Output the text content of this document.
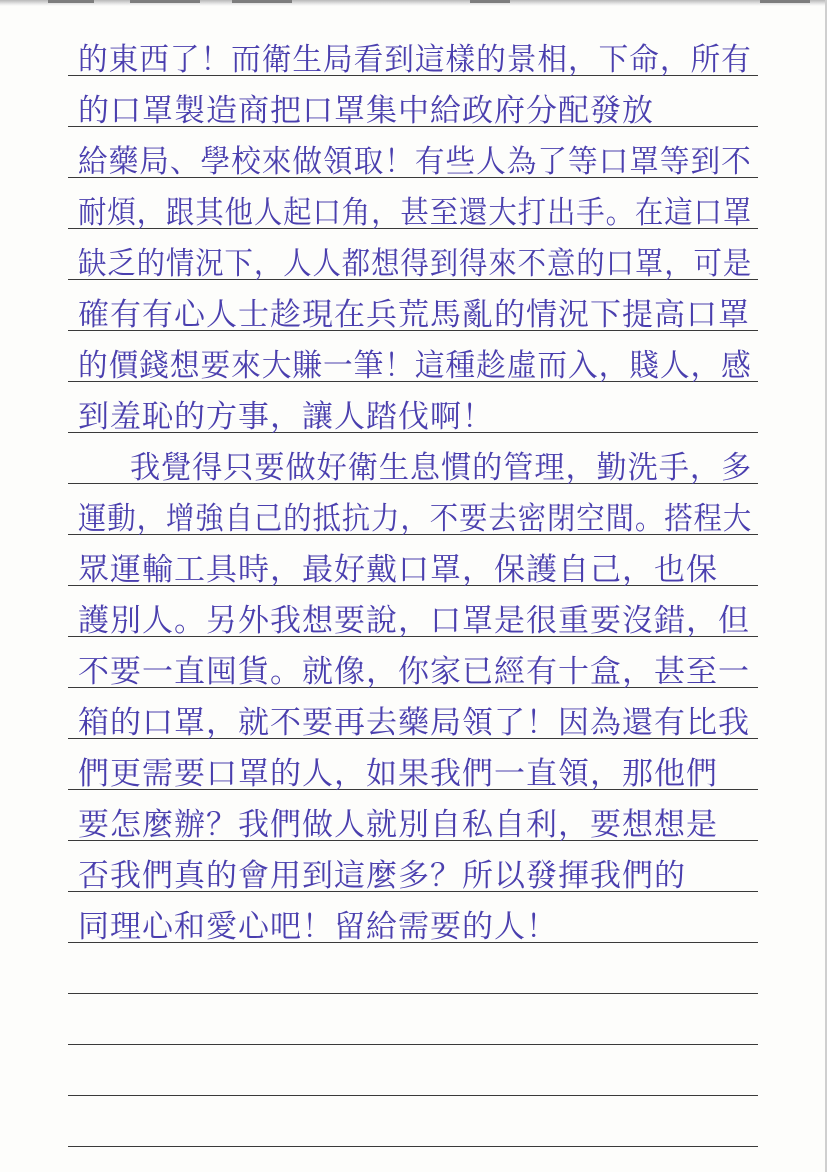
的東西了！而衛生局看到這樣的景相，下命，所有
的口罩製造商把口罩集中給政府分配發放
給藥局、學校來做領取！有些人為了等口罩等到不
耐煩，跟其他人起口角，甚至還大打出手。在這口罩
缺乏的情況下，人人都想得到得來不意的口罩，可是
確有有心人士趁現在兵荒馬亂的情況下提高口罩
的價錢想要來大賺一筆！這種趁虛而入，賤人，感
到羞恥的方事，讓人踏伐啊！
我覺得只要做好衛生息慣的管理，勤洗手，多
運動，增強自己的抵抗力，不要去密閉空間。搭程大
眾運輸工具時，最好戴口罩，保護自己，也保
護別人。另外我想要說，口罩是很重要沒錯，但
不要一直囤貨。就像，你家已經有十盒，甚至一
箱的口罩，就不要再去藥局領了！因為還有比我
們更需要口罩的人，如果我們一直領，那他們
要怎麼辦？我們做人就別自私自利，要想想是
否我們真的會用到這麼多？所以發揮我們的
同理心和愛心吧！留給需要的人！
